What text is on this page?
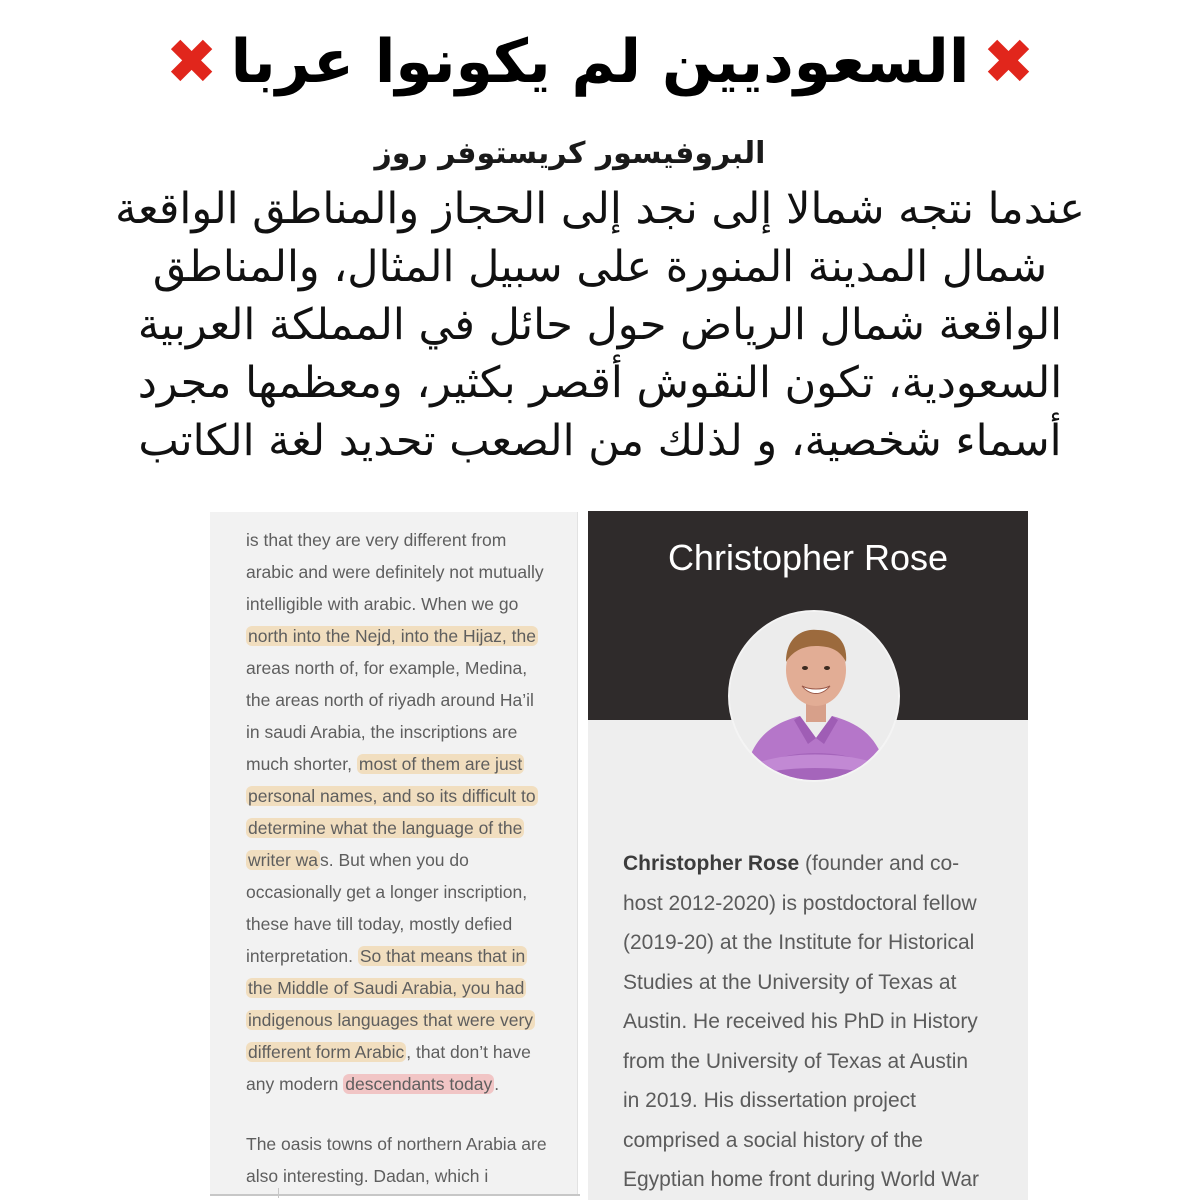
✖
السعوديين لم يكونوا عربا
✖
البروفيسور كريستوفر روز
عندما نتجه شمالا إلى نجد إلى الحجاز والمناطق الواقعة
شمال المدينة المنورة على سبيل المثال، والمناطق
الواقعة شمال الرياض حول حائل في المملكة العربية
السعودية، تكون النقوش أقصر بكثير، ومعظمها مجرد
أسماء شخصية، و لذلك من الصعب تحديد لغة الكاتب
is that they are very different from
arabic and were definitely not mutually
intelligible with arabic. When we go
north into the Nejd, into the Hijaz, the
areas north of, for example, Medina,
the areas north of riyadh around Ha’il
in saudi Arabia, the inscriptions are
much shorter, most of them are just
personal names, and so its difficult to
determine what the language of the
writer wa s. But when you do
occasionally get a longer inscription,
these have till today, mostly defied
interpretation. So that means that in
the Middle of Saudi Arabia, you had
indigenous languages that were very
different form Arabic , that don’t have
any modern descendants today .
The oasis towns of northern Arabia are
also interesting. Dadan, which i
Christopher Rose
Christopher Rose (founder and co-
host 2012-2020) is postdoctoral fellow
(2019-20) at the Institute for Historical
Studies at the University of Texas at
Austin. He received his PhD in History
from the University of Texas at Austin
in 2019. His dissertation project
comprised a social history of the
Egyptian home front during World War
